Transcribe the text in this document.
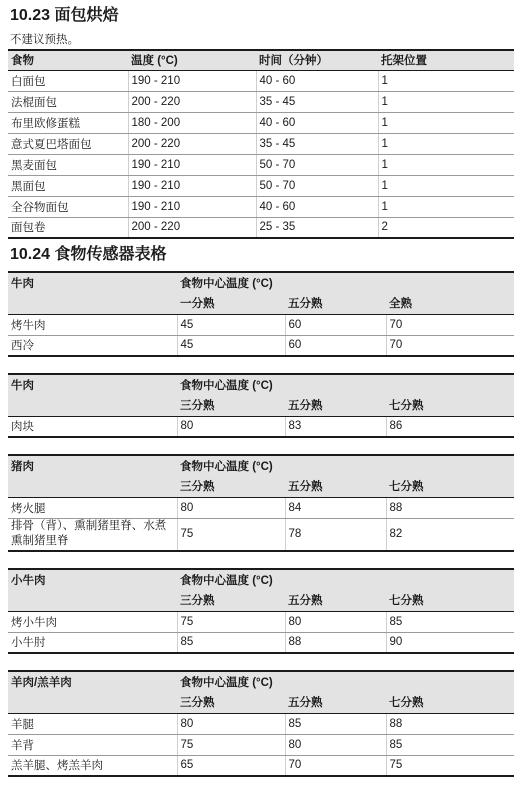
10.23 面包烘焙
不建议预热。
食物	温度 (°C)	时间（分钟）	托架位置
白面包	190 - 210	40 - 60	1
法棍面包	200 - 220	35 - 45	1
布里欧修蛋糕	180 - 200	40 - 60	1
意式夏巴塔面包	200 - 220	35 - 45	1
黑麦面包	190 - 210	50 - 70	1
黑面包	190 - 210	50 - 70	1
全谷物面包	190 - 210	40 - 60	1
面包卷	200 - 220	25 - 35	2
10.24 食物传感器表格
牛肉	食物中心温度 (°C)		
	一分熟	五分熟	全熟
烤牛肉	45	60	70
西冷	45	60	70
牛肉	食物中心温度 (°C)		
	三分熟	五分熟	七分熟
肉块	80	83	86
猪肉	食物中心温度 (°C)		
	三分熟	五分熟	七分熟
烤火腿	80	84	88
排骨（背）、熏制猪里脊、水煮熏制猪里脊	75	78	82
小牛肉	食物中心温度 (°C)		
	三分熟	五分熟	七分熟
烤小牛肉	75	80	85
小牛肘	85	88	90
羊肉/羔羊肉	食物中心温度 (°C)		
	三分熟	五分熟	七分熟
羊腿	80	85	88
羊背	75	80	85
羔羊腿、烤羔羊肉	65	70	75
